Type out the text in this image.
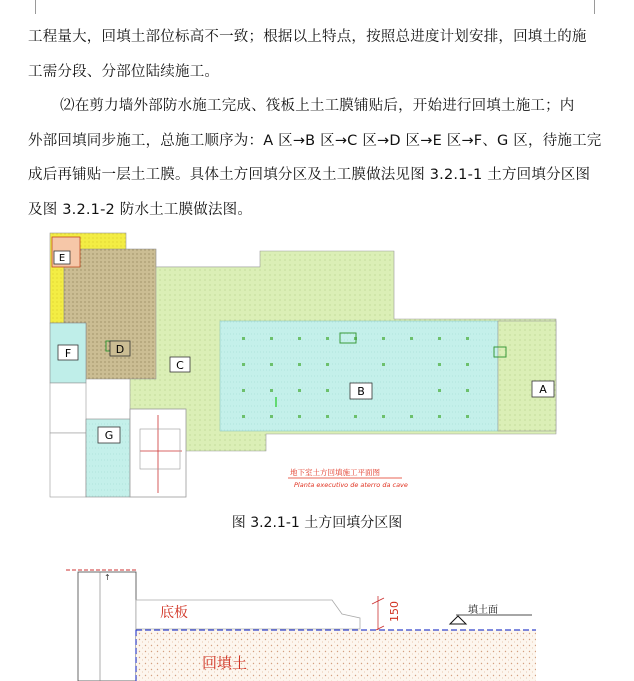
工程量大，回填土部位标高不一致；根据以上特点，按照总进度计划安排，回填土的施
工需分段、分部位陆续施工。
⑵在剪力墙外部防水施工完成、筏板上土工膜铺贴后，开始进行回填土施工；内
外部回填同步施工，总施工顺序为：A 区→B 区→C 区→D 区→E 区→F、G 区，待施工完
成后再铺贴一层土工膜。具体土方回填分区及土工膜做法见图 3.2.1-1 土方回填分区图
及图 3.2.1-2 防水土工膜做法图。
E
D
F
C
B	A
G
地下室土方回填施工平面图
Planta executivo de aterro da cave
图 3.2.1-1 土方回填分区图
↑
底板	150	填土面
回填土
